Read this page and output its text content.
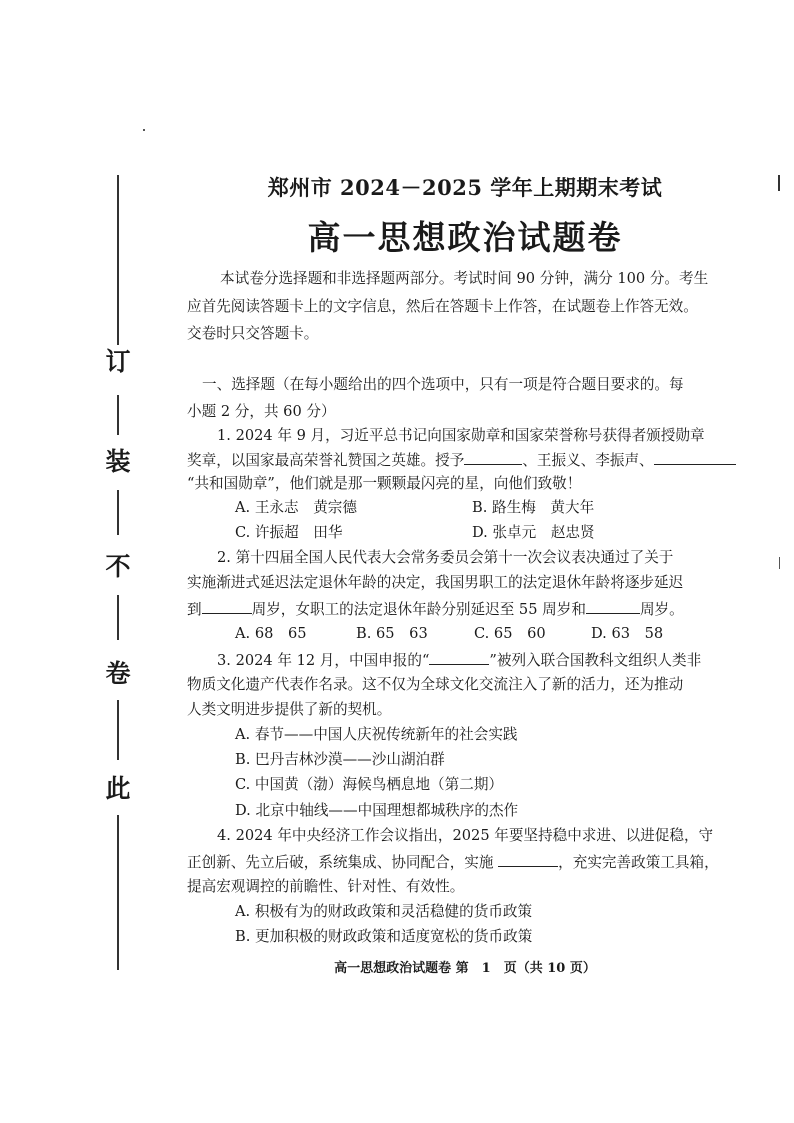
订
装
不
卷
此
郑州市 2024－2025 学年上期期末考试
高一思想政治试题卷
本试卷分选择题和非选择题两部分。考试时间 90 分钟，满分 100 分。考生
应首先阅读答题卡上的文字信息，然后在答题卡上作答，在试题卷上作答无效。
交卷时只交答题卡。
一、选择题（在每小题给出的四个选项中，只有一项是符合题目要求的。每
小题 2 分，共 60 分）
1. 2024 年 9 月，习近平总书记向国家勋章和国家荣誉称号获得者颁授勋章
奖章，以国家最高荣誉礼赞国之英雄。授予	、王振义、李振声、
“共和国勋章”，他们就是那一颗颗最闪亮的星，向他们致敬！
A. 王永志　黄宗德	B. 路生梅　黄大年
C. 许振超　田华	D. 张卓元　赵忠贤
2. 第十四届全国人民代表大会常务委员会第十一次会议表决通过了关于
实施渐进式延迟法定退休年龄的决定，我国男职工的法定退休年龄将逐步延迟
到	周岁，女职工的法定退休年龄分别延迟至 55 周岁和	周岁。
A. 68　65	B. 65　63	C. 65　60	D. 63　58
3. 2024 年 12 月，中国申报的“	”被列入联合国教科文组织人类非
物质文化遗产代表作名录。这不仅为全球文化交流注入了新的活力，还为推动
人类文明进步提供了新的契机。
A. 春节——中国人庆祝传统新年的社会实践
B. 巴丹吉林沙漠——沙山湖泊群
C. 中国黄（渤）海候鸟栖息地（第二期）
D. 北京中轴线——中国理想都城秩序的杰作
4. 2024 年中央经济工作会议指出，2025 年要坚持稳中求进、以进促稳，守
正创新、先立后破，系统集成、协同配合，实施	，充实完善政策工具箱，
提高宏观调控的前瞻性、针对性、有效性。
A. 积极有为的财政政策和灵活稳健的货币政策
B. 更加积极的财政政策和适度宽松的货币政策
高一思想政治试题卷 第　1　页（共 10 页）
